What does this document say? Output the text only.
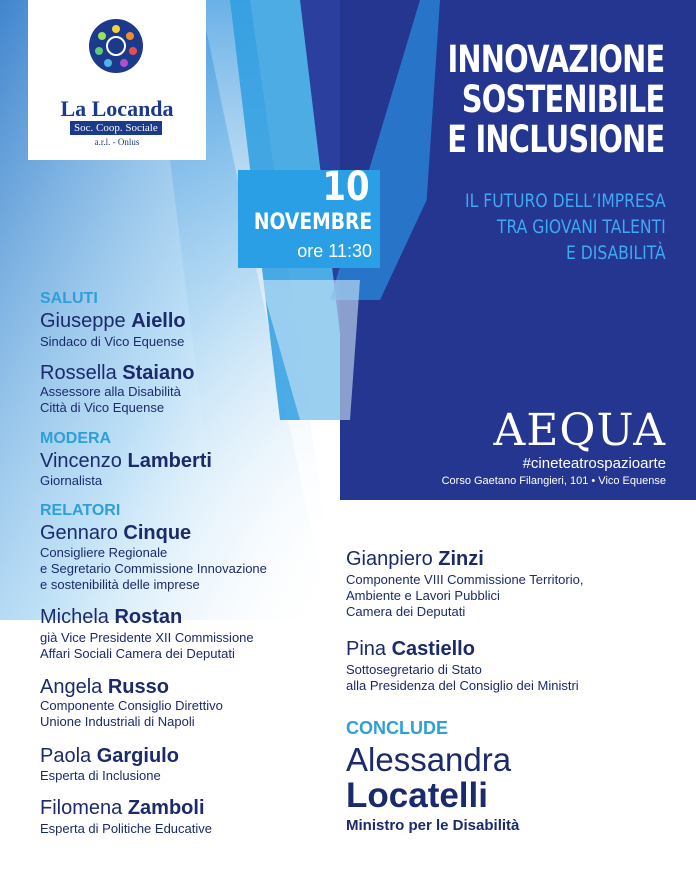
La Locanda
Soc. Coop. Sociale
a.r.l. - Onlus
INNOVAZIONE
SOSTENIBILE
E INCLUSIONE
IL FUTURO DELL’IMPRESA
TRA GIOVANI TALENTI
E DISABILITÀ
10
NOVEMBRE
ore 11:30
AEQUA
#cineteatrospazioarte
Corso Gaetano Filangieri, 101 • Vico Equense
SALUTI
Giuseppe Aiello
Sindaco di Vico Equense
Rossella Staiano
Assessore alla Disabilità
Città di Vico Equense
MODERA
Vincenzo Lamberti
Giornalista
RELATORI
Gennaro Cinque
Consigliere Regionale
e Segretario Commissione Innovazione
e sostenibilità delle imprese
Michela Rostan
già Vice Presidente XII Commissione
Affari Sociali Camera dei Deputati
Angela Russo
Componente Consiglio Direttivo
Unione Industriali di Napoli
Paola Gargiulo
Esperta di Inclusione
Filomena Zamboli
Esperta di Politiche Educative
Gianpiero Zinzi
Componente VIII Commissione Territorio,
Ambiente e Lavori Pubblici
Camera dei Deputati
Pina Castiello
Sottosegretario di Stato
alla Presidenza del Consiglio dei Ministri
CONCLUDE
Alessandra
Locatelli
Ministro per le Disabilità
